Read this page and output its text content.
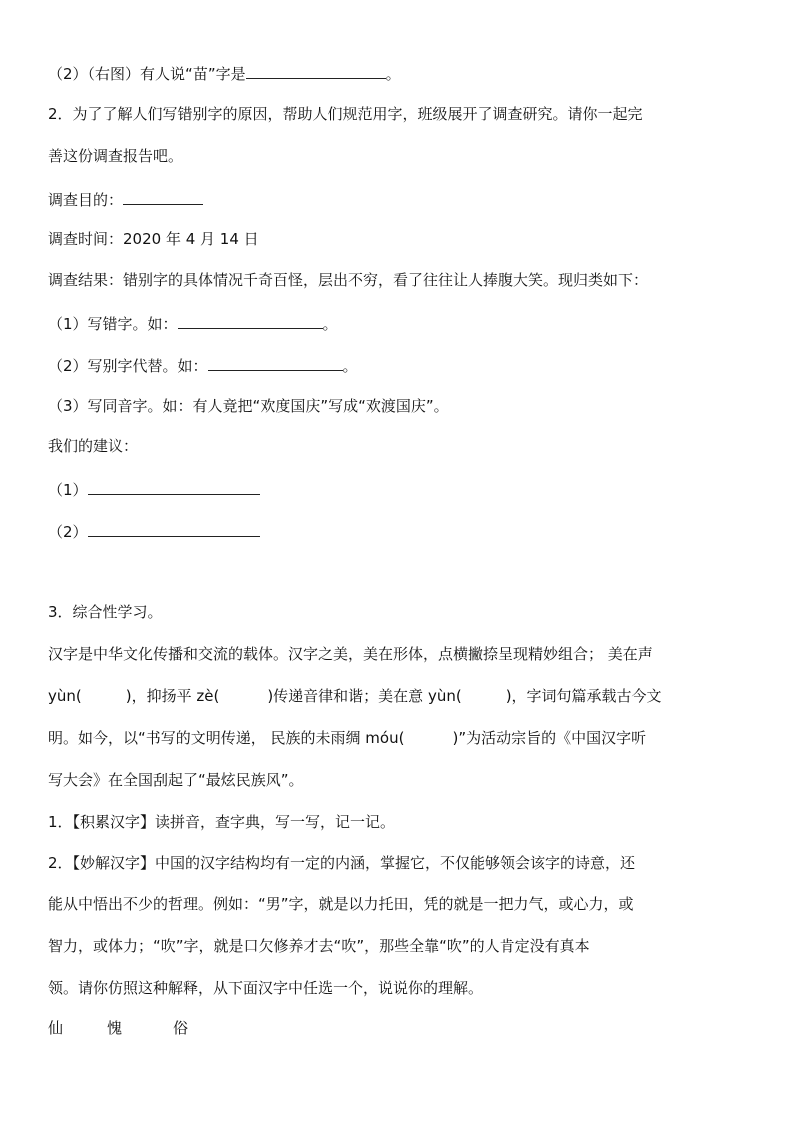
（2）（右图）有人说“苗”字是	。
2．为了了解人们写错别字的原因，帮助人们规范用字，班级展开了调查研究。请你一起完
善这份调查报告吧。
调查目的：
调查时间：2020 年 4 月 14 日
调查结果：错别字的具体情况千奇百怪，层出不穷，看了往往让人捧腹大笑。现归类如下：
（1）写错字。如：	。
（2）写别字代替。如：	。
（3）写同音字。如：有人竟把“欢度国庆”写成“欢渡国庆”。
我们的建议：
（1）
（2）
3．综合性学习。
汉字是中华文化传播和交流的载体。汉字之美，美在形体，点横撇捺呈现精妙组合； 美在声
yùn(	)，抑扬平 zè(	)传递音律和谐；美在意 yùn(	)，字词句篇承载古今文
明。如今，以“书写的文明传递， 民族的未雨绸 móu(	)”为活动宗旨的《中国汉字听
写大会》在全国刮起了“最炫民族风”。
1．【积累汉字】读拼音，查字典，写一写，记一记。
2．【妙解汉字】中国的汉字结构均有一定的内涵，掌握它，不仅能够领会该字的诗意，还
能从中悟出不少的哲理。例如：“男”字，就是以力托田，凭的就是一把力气，或心力，或
智力，或体力；“吹”字，就是口欠修养才去“吹”，那些全靠“吹”的人肯定没有真本
领。请你仿照这种解释，从下面汉字中任选一个，说说你的理解。
仙	愧	俗
